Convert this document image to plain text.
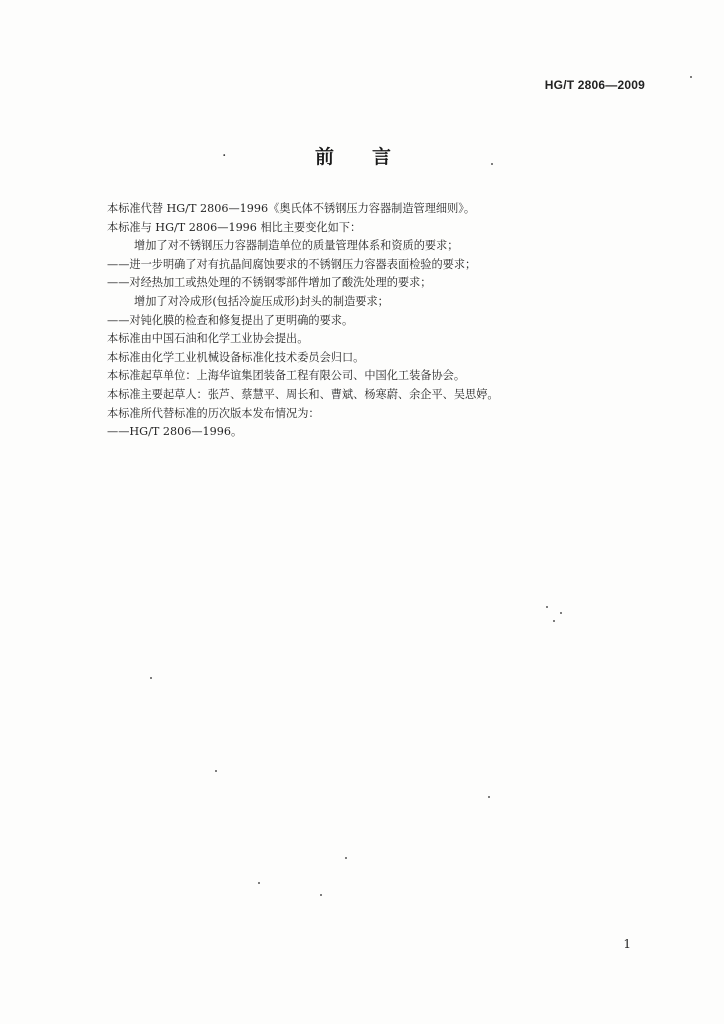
HG/T 2806—2009
.	前言
本标准代替 HG/T 2806—1996《奥氏体不锈钢压力容器制造管理细则》。
本标准与 HG/T 2806—1996 相比主要变化如下：
增加了对不锈钢压力容器制造单位的质量管理体系和资质的要求；
——进一步明确了对有抗晶间腐蚀要求的不锈钢压力容器表面检验的要求；
——对经热加工或热处理的不锈钢零部件增加了酸洗处理的要求；
增加了对冷成形(包括冷旋压成形)封头的制造要求；
——对钝化膜的检查和修复提出了更明确的要求。
本标准由中国石油和化学工业协会提出。
本标准由化学工业机械设备标准化技术委员会归口。
本标准起草单位：上海华谊集团装备工程有限公司、中国化工装备协会。
本标准主要起草人：张芦、蔡慧平、周长和、曹斌、杨寒蔚、余企平、吴思婷。
本标准所代替标准的历次版本发布情况为：
——HG/T 2806—1996。
1
